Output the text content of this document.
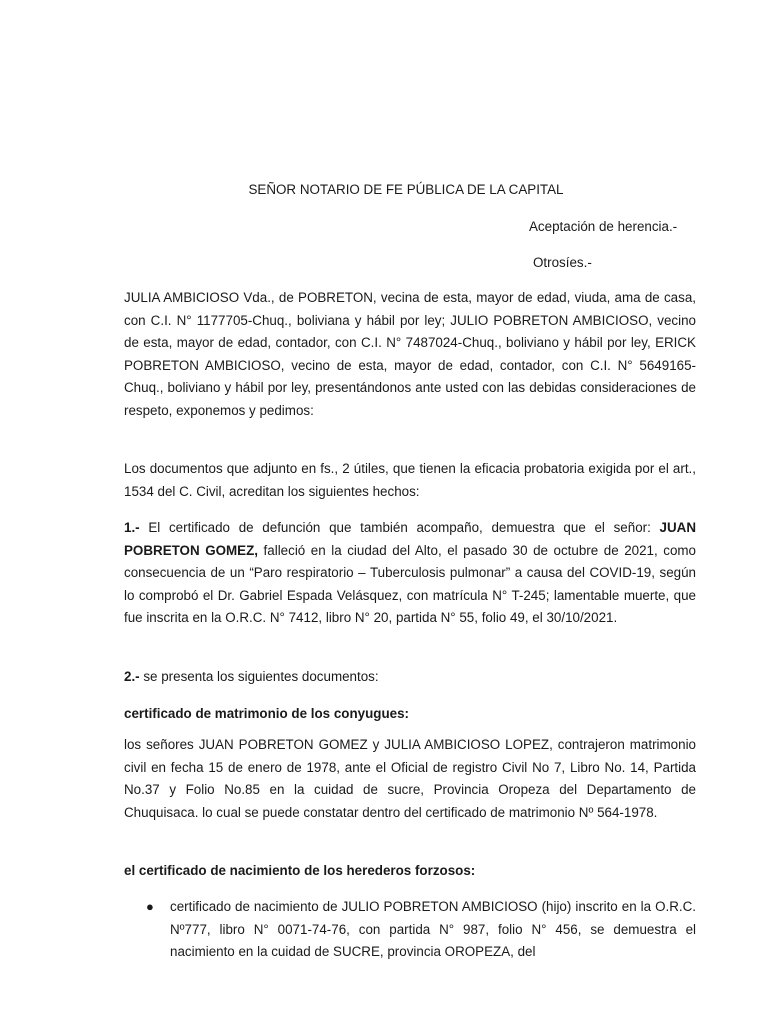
SEÑOR NOTARIO DE FE PÚBLICA DE LA CAPITAL
Aceptación de herencia.-
Otrosíes.-

JULIA AMBICIOSO Vda., de POBRETON, vecina de esta, mayor de edad, viuda, ama de casa, con C.I. N° 1177705-Chuq., boliviana y hábil por ley; JULIO POBRETON AMBICIOSO, vecino de esta, mayor de edad, contador, con C.I. N° 7487024-Chuq., boliviano y hábil por ley, ERICK POBRETON AMBICIOSO, vecino de esta, mayor de edad, contador, con C.I. N° 5649165-Chuq., boliviano y hábil por ley, presentándonos ante usted con las debidas consideraciones de respeto, exponemos y pedimos:

Los documentos que adjunto en fs., 2 útiles, que tienen la eficacia probatoria exigida por el art., 1534 del C. Civil, acreditan los siguientes hechos:

1.- El certificado de defunción que también acompaño, demuestra que el señor: JUAN POBRETON GOMEZ, falleció en la ciudad del Alto, el pasado 30 de octubre de 2021, como consecuencia de un “Paro respiratorio – Tuberculosis pulmonar” a causa del COVID-19, según lo comprobó el Dr. Gabriel Espada Velásquez, con matrícula N° T-245; lamentable muerte, que fue inscrita en la O.R.C. N° 7412, libro N° 20, partida N° 55, folio 49, el 30/10/2021.

2.- se presenta los siguientes documentos:

certificado de matrimonio de los conyugues:

los señores JUAN POBRETON GOMEZ y JULIA AMBICIOSO LOPEZ, contrajeron matrimonio civil en fecha 15 de enero de 1978, ante el Oficial de registro Civil No 7, Libro No. 14, Partida No.37 y Folio No.85 en la cuidad de sucre, Provincia Oropeza del Departamento de Chuquisaca. lo cual se puede constatar dentro del certificado de matrimonio Nº 564-1978.

el certificado de nacimiento de los herederos forzosos:

● certificado de nacimiento de JULIO POBRETON AMBICIOSO (hijo) inscrito en la O.R.C. Nº777, libro N° 0071-74-76, con partida N° 987, folio N° 456, se demuestra el nacimiento en la cuidad de SUCRE, provincia OROPEZA, del
